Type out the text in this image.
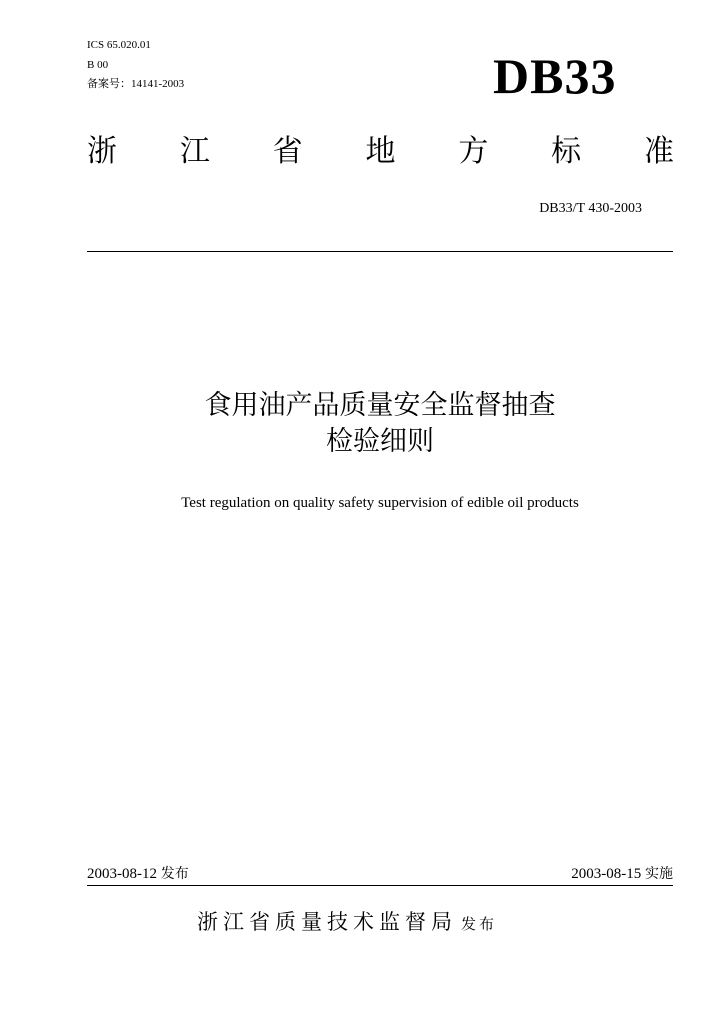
ICS 65.020.01
B 00
备案号：14141-2003	DB33
浙 江 省 地 方 标 准
DB33/T 430-2003
食用油产品质量安全监督抽查
检验细则
Test regulation on quality safety supervision of edible oil products
2003-08-12 发布	2003-08-15 实施
浙江省质量技术监督局 发布
